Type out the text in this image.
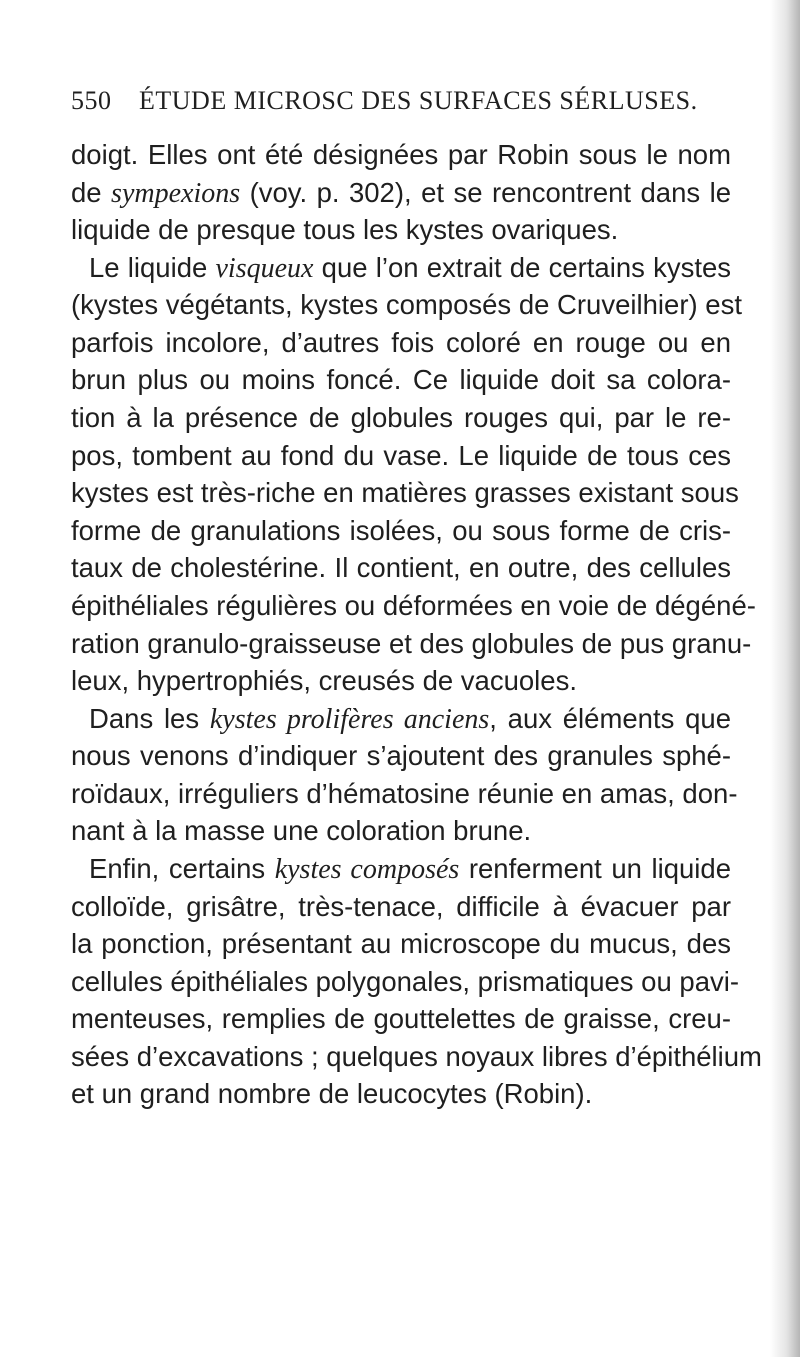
550 ÉTUDE MICROSC DES SURFACES SÉRLUSES.
doigt. Elles ont été désignées par Robin sous le nom
de sympexions (voy. p. 302), et se rencontrent dans le
liquide de presque tous les kystes ovariques.
Le liquide visqueux que l’on extrait de certains kystes
(kystes végétants, kystes composés de Cruveilhier) est
parfois incolore, d’autres fois coloré en rouge ou en
brun plus ou moins foncé. Ce liquide doit sa colora-
tion à la présence de globules rouges qui, par le re-
pos, tombent au fond du vase. Le liquide de tous ces
kystes est très-riche en matières grasses existant sous
forme de granulations isolées, ou sous forme de cris-
taux de cholestérine. Il contient, en outre, des cellules
épithéliales régulières ou déformées en voie de dégéné-
ration granulo-graisseuse et des globules de pus granu-
leux, hypertrophiés, creusés de vacuoles.
Dans les kystes prolifères anciens, aux éléments que
nous venons d’indiquer s’ajoutent des granules sphé-
roïdaux, irréguliers d’hématosine réunie en amas, don-
nant à la masse une coloration brune.
Enfin, certains kystes composés renferment un liquide
colloïde, grisâtre, très-tenace, difficile à évacuer par
la ponction, présentant au microscope du mucus, des
cellules épithéliales polygonales, prismatiques ou pavi-
menteuses, remplies de gouttelettes de graisse, creu-
sées d’excavations ; quelques noyaux libres d’épithélium
et un grand nombre de leucocytes (Robin).
